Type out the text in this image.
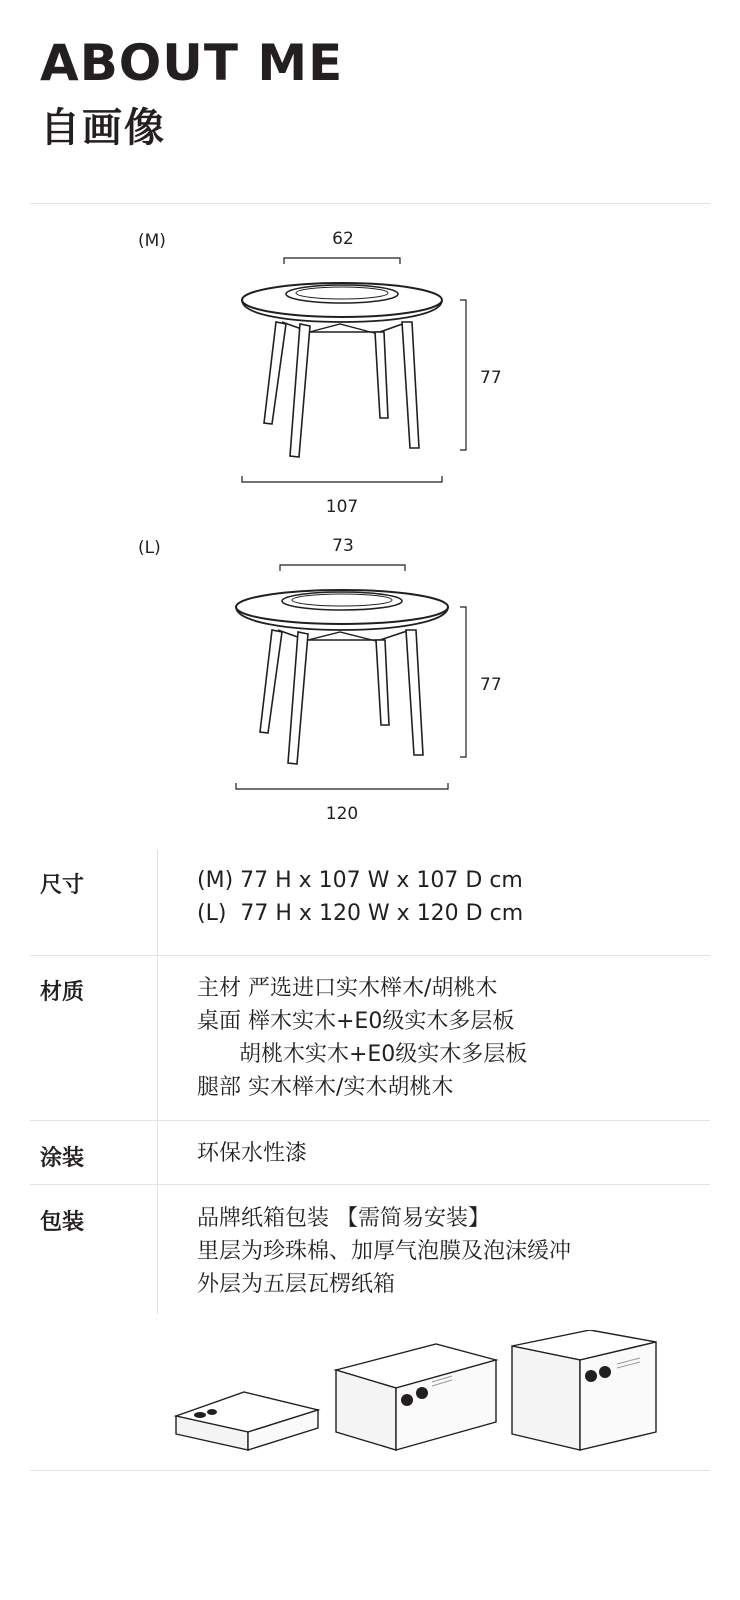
ABOUT ME
自画像
(M)	62
77
107
(L)	73
77
120
尺寸	(M) 77 H x 107 W x 107 D cm
(L)  77 H x 120 W x 120 D cm
材质	主材 严选进口实木榉木/胡桃木
桌面 榉木实木+E0级实木多层板
胡桃木实木+E0级实木多层板
腿部 实木榉木/实木胡桃木
涂装	环保水性漆
包装	品牌纸箱包装 【需简易安装】
里层为珍珠棉、加厚气泡膜及泡沫缓冲
外层为五层瓦楞纸箱
